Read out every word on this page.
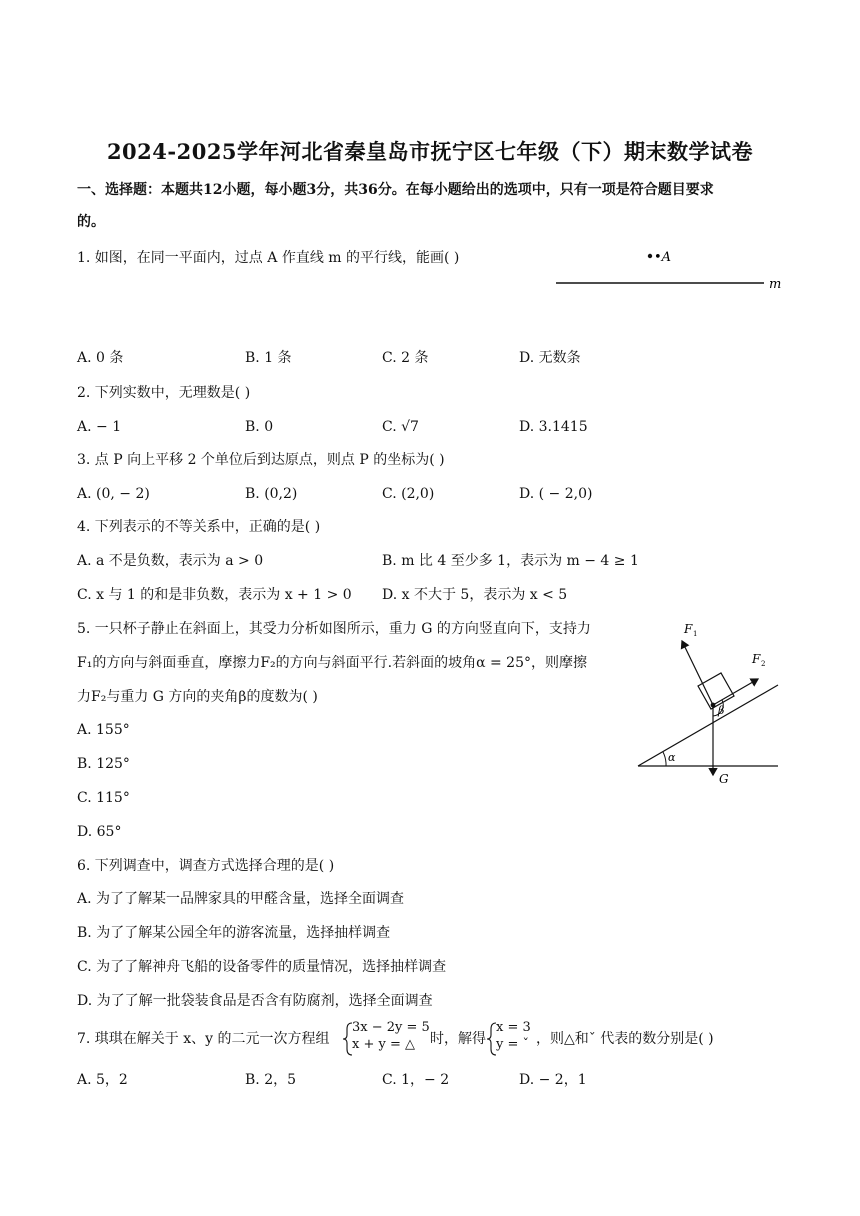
2024-2025学年河北省秦皇岛市抚宁区七年级（下）期末数学试卷
一、选择题：本题共12小题，每小题3分，共36分。在每小题给出的选项中，只有一项是符合题目要求
的。
1. 如图，在同一平面内，过点 A 作直线 m 的平行线，能画( )	•A
m
A. 0 条	B. 1 条	C. 2 条	D. 无数条
2. 下列实数中，无理数是( )
A. − 1	B. 0	C. √7	D. 3.1415
3. 点 P 向上平移 2 个单位后到达原点，则点 P 的坐标为( )
A. (0, − 2)	B. (0,2)	C. (2,0)	D. ( − 2,0)
4. 下列表示的不等关系中，正确的是( )
A. a 不是负数，表示为 a > 0	B. m 比 4 至少多 1，表示为 m − 4 ≥ 1
C. x 与 1 的和是非负数，表示为 x + 1 > 0 D. x 不大于 5，表示为 x < 5
5. 一只杯子静止在斜面上，其受力分析如图所示，重力 G 的方向竖直向下，支持力
F₁的方向与斜面垂直，摩擦力F₂的方向与斜面平行.若斜面的坡角α = 25°，则摩擦
力F₂与重力 G 方向的夹角β的度数为( )
A. 155°
B. 125°
C. 115°
D. 65°
α
F 1
F 2
G
β
6. 下列调查中，调查方式选择合理的是( )
A. 为了了解某一品牌家具的甲醛含量，选择全面调查
B. 为了了解某公园全年的游客流量，选择抽样调查
C. 为了了解神舟飞船的设备零件的质量情况，选择抽样调查
D. 为了了解一批袋装食品是否含有防腐剂，选择全面调查
7. 琪琪在解关于 x、y 的二元一次方程组
3x − 2y = 5
x + y = △ 时，解得
x = 3
y = ˇ ，则△和ˇ 代表的数分别是( )
A. 5，2	B. 2，5	C. 1，− 2	D. − 2，1
